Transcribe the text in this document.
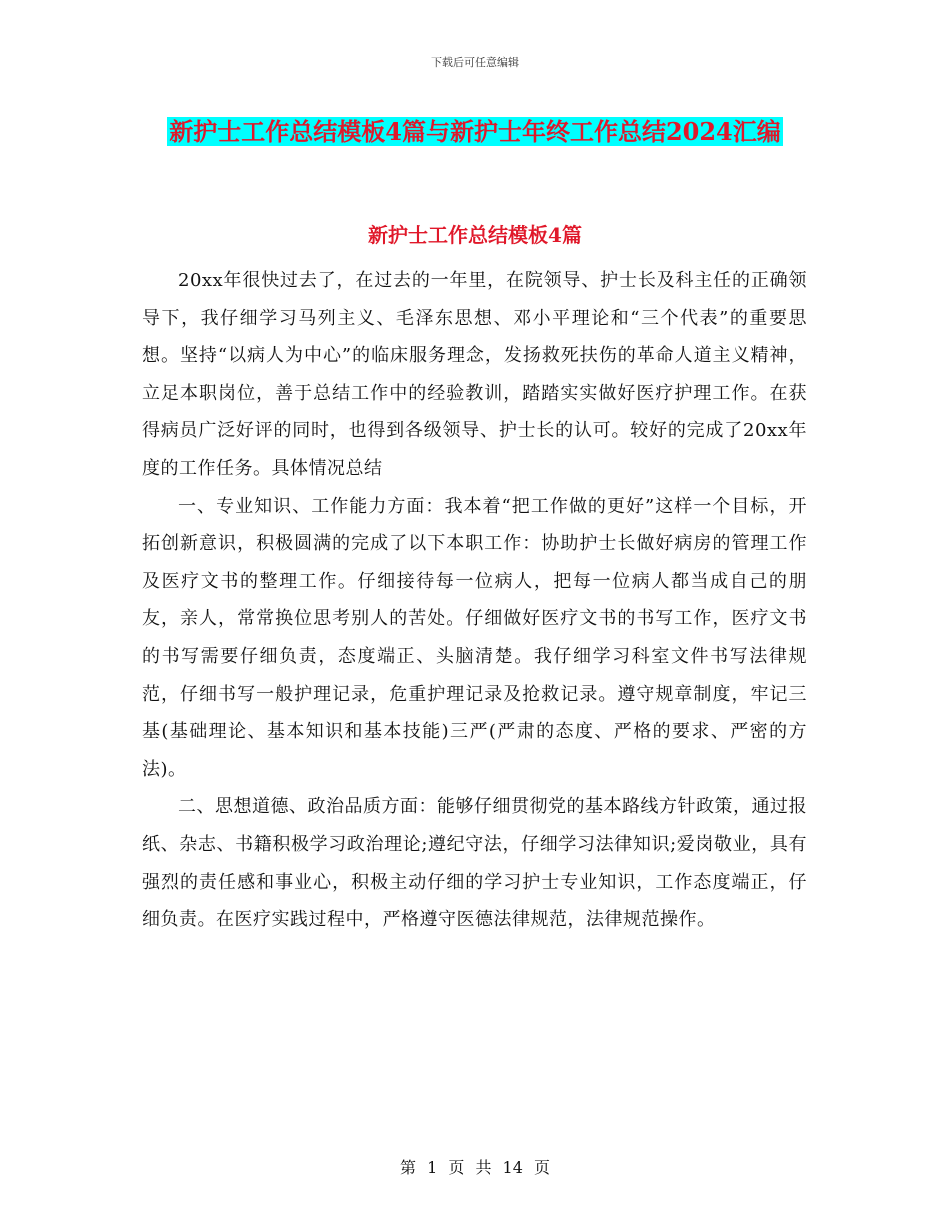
下载后可任意编辑
新护士工作总结模板4篇与新护士年终工作总结2024汇编
新护士工作总结模板4篇

20xx年很快过去了，在过去的一年里，在院领导、护士长及科主任的正确领导下，我仔细学习马列主义、毛泽东思想、邓小平理论和“三个代表”的重要思想。坚持“以病人为中心”的临床服务理念，发扬救死扶伤的革命人道主义精神，立足本职岗位，善于总结工作中的经验教训，踏踏实实做好医疗护理工作。在获得病员广泛好评的同时，也得到各级领导、护士长的认可。较好的完成了20xx年度的工作任务。具体情况总结

一、专业知识、工作能力方面：我本着“把工作做的更好”这样一个目标，开拓创新意识，积极圆满的完成了以下本职工作：协助护士长做好病房的管理工作及医疗文书的整理工作。仔细接待每一位病人，把每一位病人都当成自己的朋友，亲人，常常换位思考别人的苦处。仔细做好医疗文书的书写工作，医疗文书的书写需要仔细负责，态度端正、头脑清楚。我仔细学习科室文件书写法律规范，仔细书写一般护理记录，危重护理记录及抢救记录。遵守规章制度，牢记三基(基础理论、基本知识和基本技能)三严(严肃的态度、严格的要求、严密的方法)。

二、思想道德、政治品质方面：能够仔细贯彻党的基本路线方针政策，通过报纸、杂志、书籍积极学习政治理论;遵纪守法，仔细学习法律知识;爱岗敬业，具有强烈的责任感和事业心，积极主动仔细的学习护士专业知识，工作态度端正，仔细负责。在医疗实践过程中，严格遵守医德法律规范，法律规范操作。

第 1 页 共 14 页
